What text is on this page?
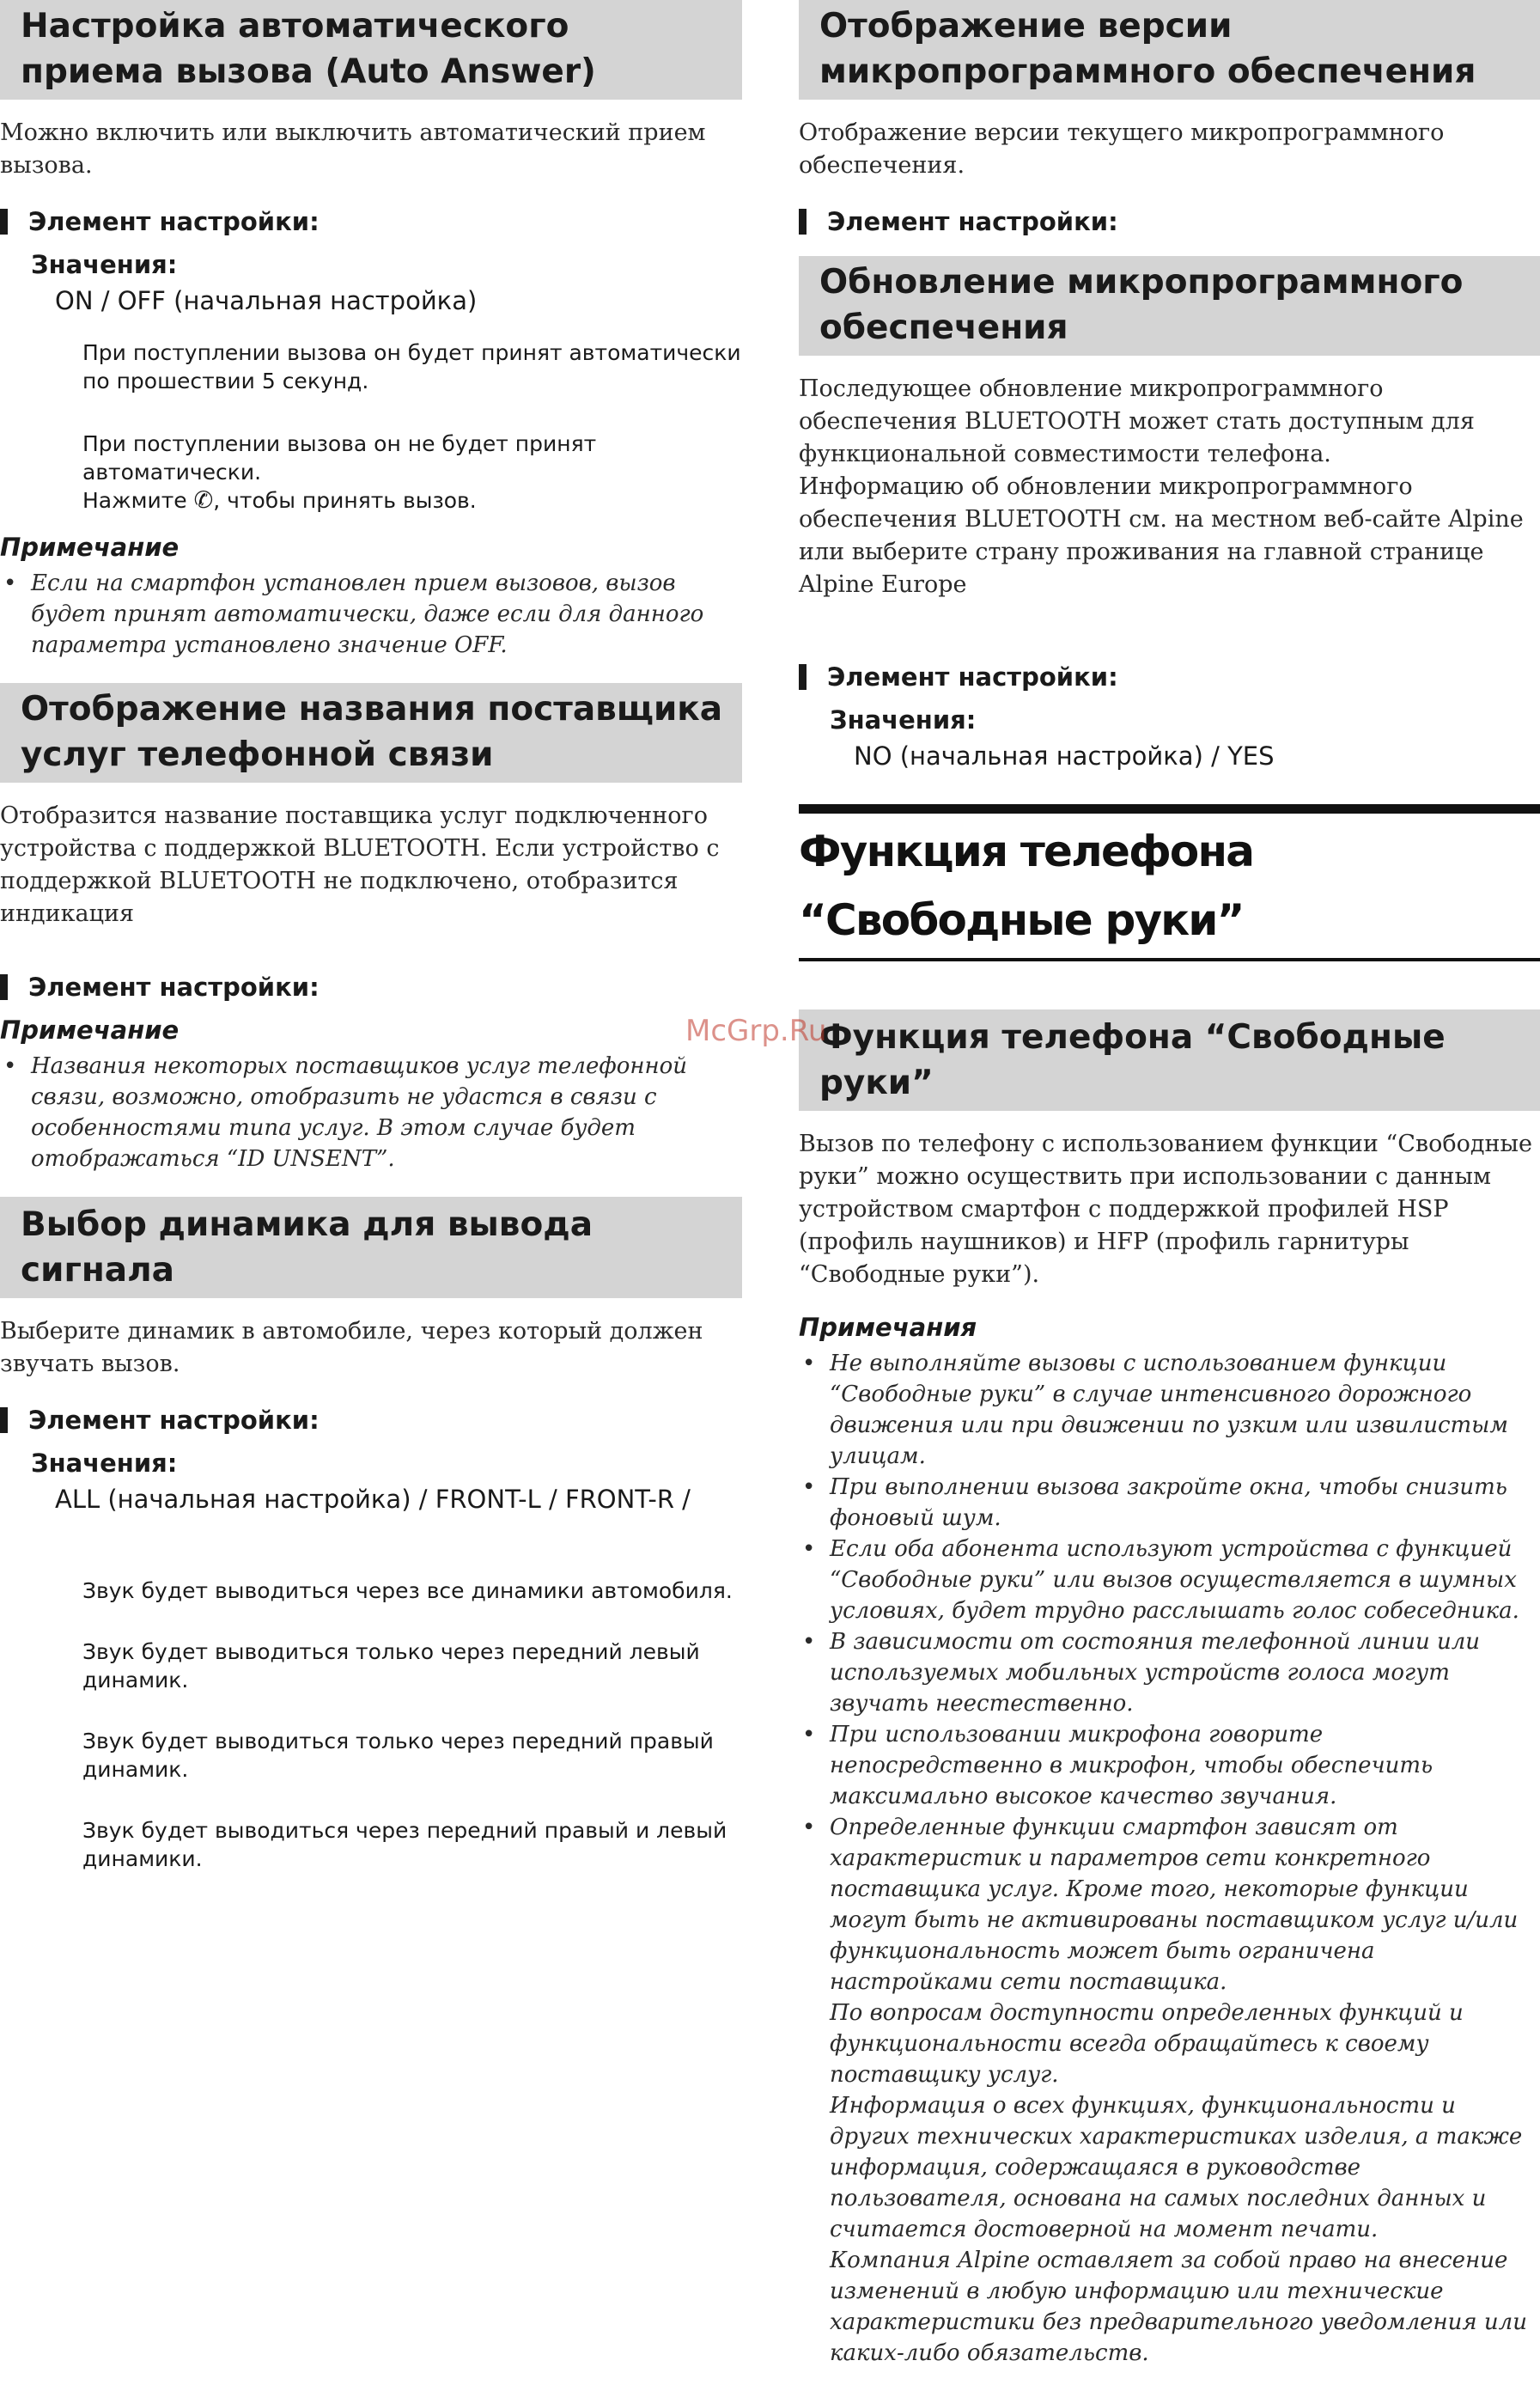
Настройка автоматического приема вызова (Auto Answer)

Можно включить или выключить автоматический прием вызова.

Элемент настройки:
Значения:
ON / OFF (начальная настройка)

При поступлении вызова он будет принят автоматически по прошествии 5 секунд.

При поступлении вызова он не будет принят автоматически.
Нажмите ✆, чтобы принять вызов.

Примечание
• Если на смартфон установлен прием вызовов, вызов будет принят автоматически, даже если для данного параметра установлено значение OFF.
Отображение названия поставщика услуг телефонной связи

Отобразится название поставщика услуг подключенного устройства с поддержкой BLUETOOTH. Если устройство с поддержкой BLUETOOTH не подключено, отобразится индикация

Элемент настройки:
Примечание
• Названия некоторых поставщиков услуг телефонной связи, возможно, отобразить не удастся в связи с особенностями типа услуг. В этом случае будет отображаться “ID UNSENT”.
Выбор динамика для вывода сигнала

Выберите динамик в автомобиле, через который должен звучать вызов.

Элемент настройки:
Значения:
ALL (начальная настройка) / FRONT-L / FRONT-R /

Звук будет выводиться через все динамики автомобиля.

Звук будет выводиться только через передний левый динамик.

Звук будет выводиться только через передний правый динамик.

Звук будет выводиться через передний правый и левый динамики.

Отображение версии микропрограммного обеспечения

Отображение версии текущего микропрограммного обеспечения.

Элемент настройки:
Обновление микропрограммного обеспечения

Последующее обновление микропрограммного обеспечения BLUETOOTH может стать доступным для функциональной совместимости телефона.

Информацию об обновлении микропрограммного обеспечения BLUETOOTH см. на местном веб-сайте Alpine или выберите страну проживания на главной странице Alpine Europe

Элемент настройки:
Значения:
NO (начальная настройка) / YES
Функция телефона “Свободные руки”
Функция телефона “Свободные руки”

Вызов по телефону с использованием функции “Свободные руки” можно осуществить при использовании с данным устройством смартфон с поддержкой профилей HSP (профиль наушников) и HFP (профиль гарнитуры “Свободные руки”).

Примечания
• Не выполняйте вызовы с использованием функции “Свободные руки” в случае интенсивного дорожного движения или при движении по узким или извилистым улицам.
• При выполнении вызова закройте окна, чтобы снизить фоновый шум.
• Если оба абонента используют устройства с функцией “Свободные руки” или вызов осуществляется в шумных условиях, будет трудно расслышать голос собеседника.
• В зависимости от состояния телефонной линии или используемых мобильных устройств голоса могут звучать неестественно.
• При использовании микрофона говорите непосредственно в микрофон, чтобы обеспечить максимально высокое качество звучания.
• Определенные функции смартфон зависят от характеристик и параметров сети конкретного поставщика услуг. Кроме того, некоторые функции могут быть не активированы поставщиком услуг и/или функциональность может быть ограничена настройками сети поставщика.
По вопросам доступности определенных функций и функциональности всегда обращайтесь к своему поставщику услуг.
Информация о всех функциях, функциональности и других технических характеристиках изделия, а также информация, содержащаяся в руководстве пользователя, основана на самых последних данных и считается достоверной на момент печати.
Компания Alpine оставляет за собой право на внесение изменений в любую информацию или технические характеристики без предварительного уведомления или каких-либо обязательств.
McGrp.Ru
